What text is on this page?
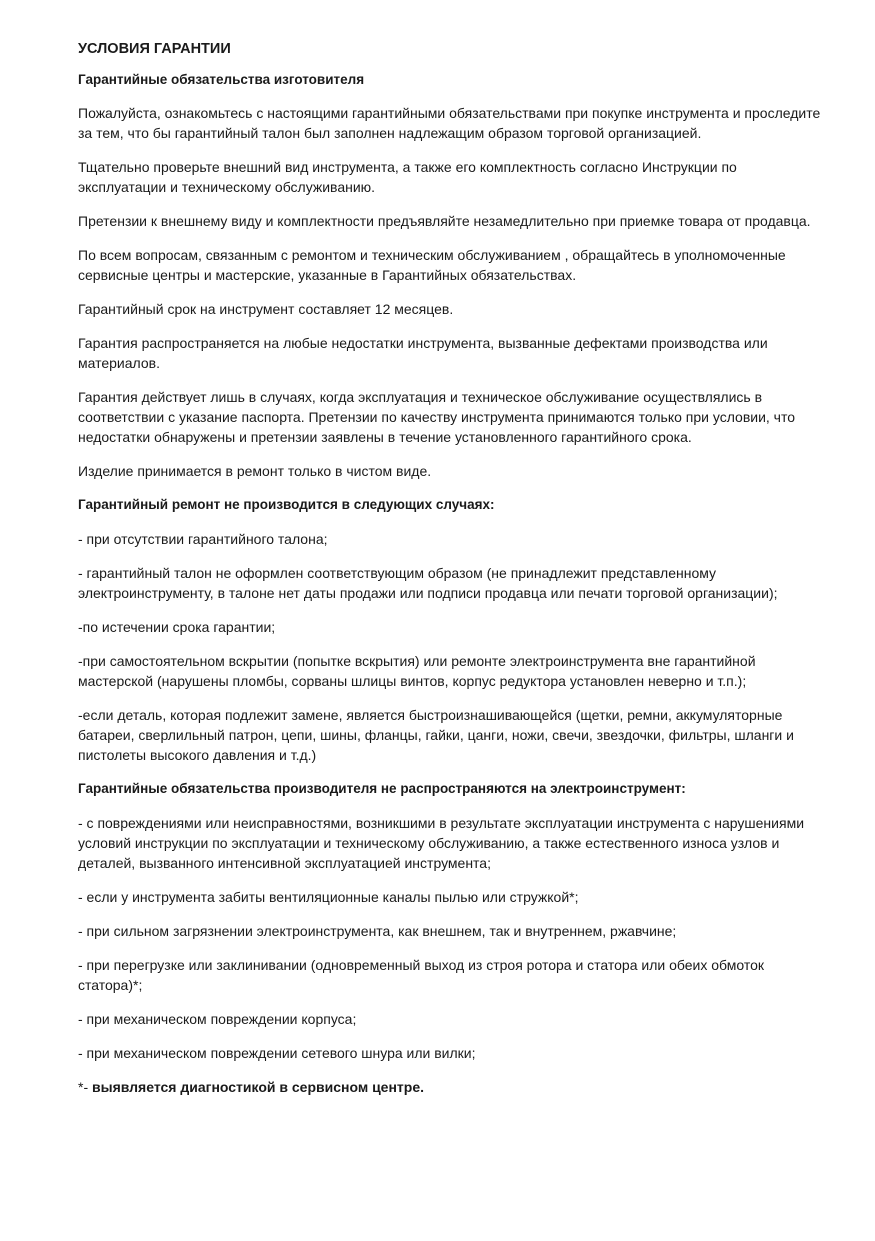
УСЛОВИЯ ГАРАНТИИ
Гарантийные обязательства изготовителя

Пожалуйста, ознакомьтесь с настоящими гарантийными обязательствами при покупке инструмента и проследите за тем, что бы гарантийный талон был заполнен надлежащим образом торговой организацией.

Тщательно проверьте внешний вид инструмента, а также его комплектность согласно Инструкции по эксплуатации и техническому обслуживанию.

Претензии к внешнему виду и комплектности предъявляйте незамедлительно при приемке товара от продавца.

По всем вопросам, связанным с ремонтом и техническим обслуживанием , обращайтесь в уполномоченные сервисные центры и мастерские, указанные в Гарантийных обязательствах.

Гарантийный срок на инструмент составляет 12 месяцев.

Гарантия распространяется на любые недостатки инструмента, вызванные дефектами производства или материалов.

Гарантия действует лишь в случаях, когда эксплуатация и техническое обслуживание осуществлялись в соответствии с указание паспорта. Претензии по качеству инструмента принимаются только при условии, что недостатки обнаружены и претензии заявлены в течение установленного гарантийного срока.

Изделие принимается в ремонт только в чистом виде.

Гарантийный ремонт не производится в следующих случаях:

- при отсутствии гарантийного талона;

- гарантийный талон не оформлен соответствующим образом (не принадлежит представленному электроинструменту, в талоне нет даты продажи или подписи продавца или печати торговой организации);

-по истечении срока гарантии;

-при самостоятельном вскрытии (попытке вскрытия) или ремонте электроинструмента вне гарантийной мастерской (нарушены пломбы, сорваны шлицы винтов, корпус редуктора установлен неверно и т.п.);

-если деталь, которая подлежит замене, является быстроизнашивающейся (щетки, ремни, аккумуляторные батареи, сверлильный патрон, цепи, шины, фланцы, гайки, цанги, ножи, свечи, звездочки, фильтры, шланги и пистолеты высокого давления и т.д.)

Гарантийные обязательства производителя не распространяются на электроинструмент:

- с повреждениями или неисправностями, возникшими в результате эксплуатации инструмента с нарушениями условий инструкции по эксплуатации и техническому обслуживанию, а также естественного износа узлов и деталей, вызванного интенсивной эксплуатацией инструмента;

- если у инструмента забиты вентиляционные каналы пылью или стружкой*;

- при сильном загрязнении электроинструмента, как внешнем, так и внутреннем, ржавчине;

- при перегрузке или заклинивании (одновременный выход из строя ротора и статора или обеих обмоток статора)*;

- при механическом повреждении корпуса;

- при механическом повреждении сетевого шнура или вилки;

*- выявляется диагностикой в сервисном центре.
